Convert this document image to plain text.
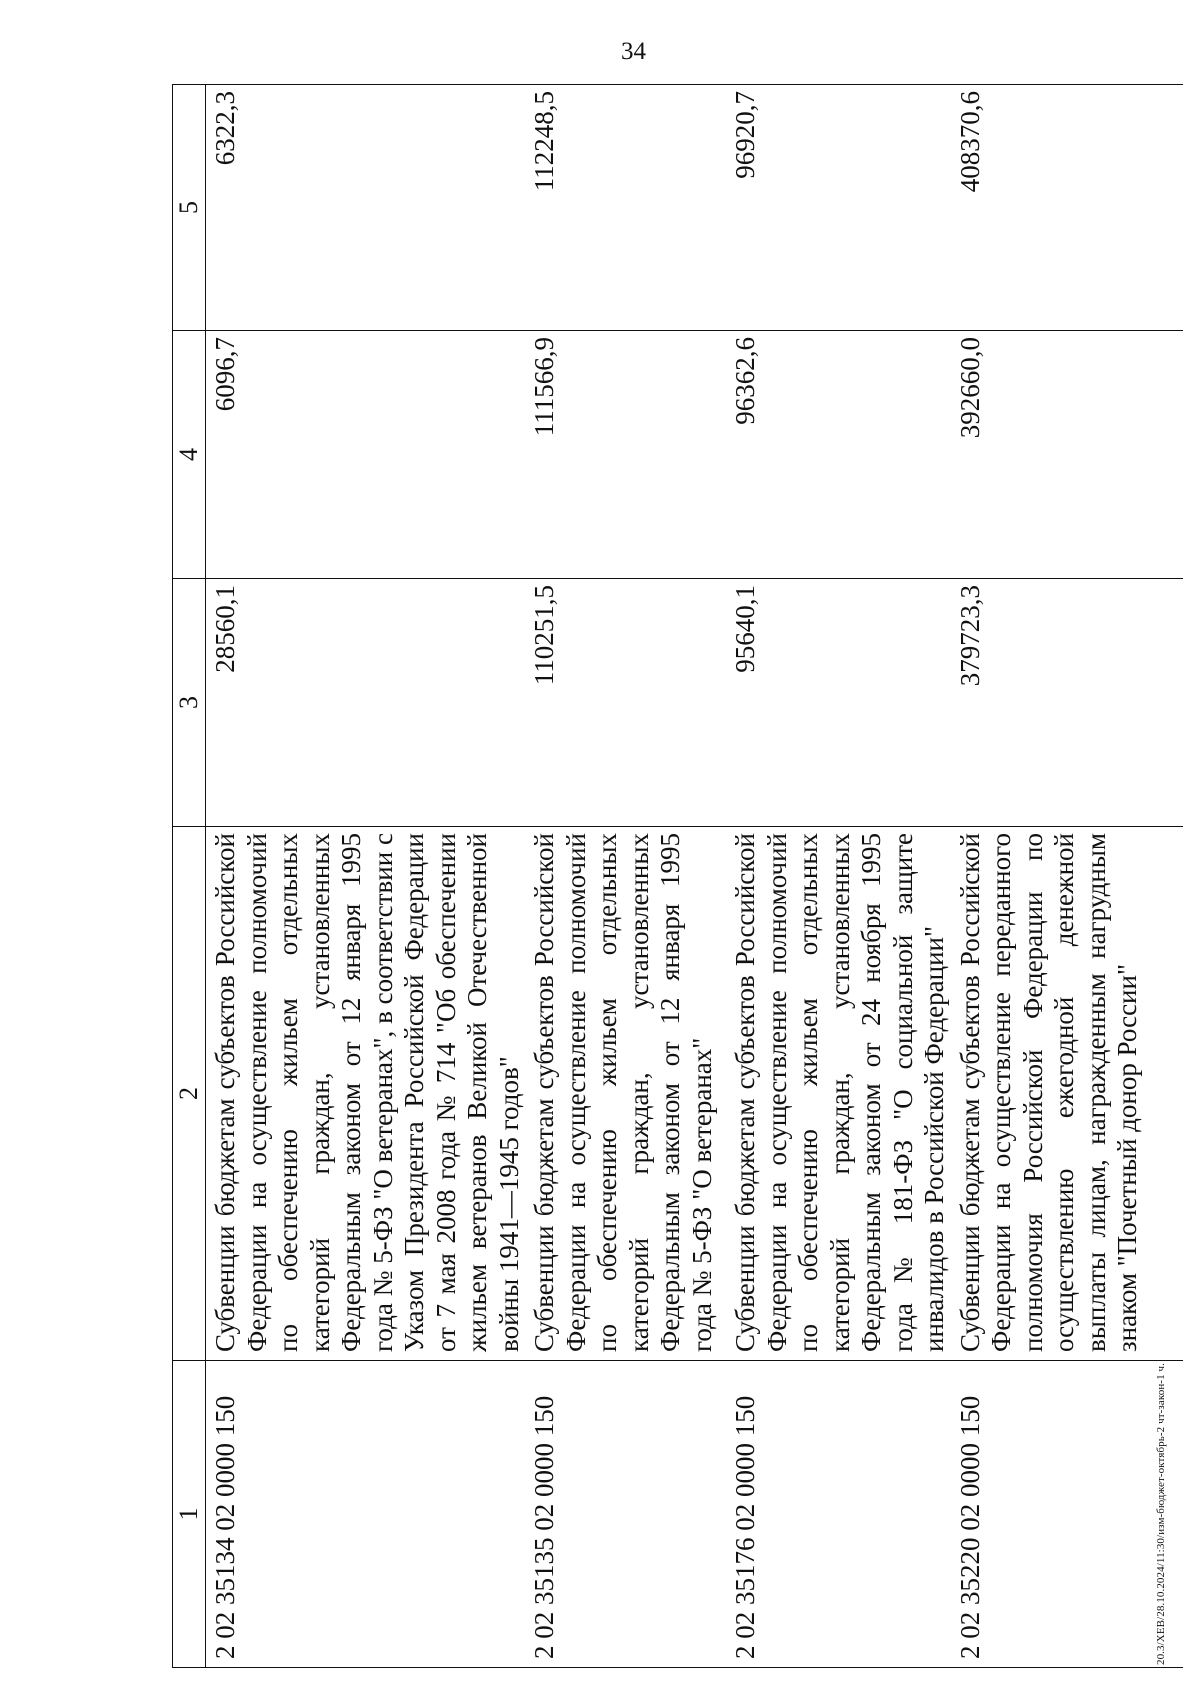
34
1	2	3	4	5
2 02 35134 02 0000 150	Субвенции бюджетам субъектов Российской Федерации на осуществление полномочий по обеспечению жильем отдельных категорий граждан, установленных Федеральным законом от 12 января 1995 года № 5-ФЗ "О ветеранах", в соответствии с Указом Президента Российской Федерации от 7 мая 2008 года № 714 "Об обеспечении жильем ветеранов Великой Отечественной войны 1941—1945 годов"	28560,1	6096,7	6322,3
2 02 35135 02 0000 150	Субвенции бюджетам субъектов Российской Федерации на осуществление полномочий по обеспечению жильем отдельных категорий граждан, установленных Федеральным законом от 12 января 1995 года № 5-ФЗ "О ветеранах"	110251,5	111566,9	112248,5
2 02 35176 02 0000 150	Субвенции бюджетам субъектов Российской Федерации на осуществление полномочий по обеспечению жильем отдельных категорий граждан, установленных Федеральным законом от 24 ноября 1995 года № 181-ФЗ "О социальной защите инвалидов в Российской Федерации"	95640,1	96362,6	96920,7
2 02 35220 02 0000 150	Субвенции бюджетам субъектов Российской Федерации на осуществление переданного полномочия Российской Федерации по осуществлению ежегодной денежной выплаты лицам, награжденным нагрудным знаком "Почетный донор России"	379723,3	392660,0	408370,6
20.3/ХЕВ/28.10.2024/11:30/изм-бюджет-октябрь-2 чт-закон-1 ч.
